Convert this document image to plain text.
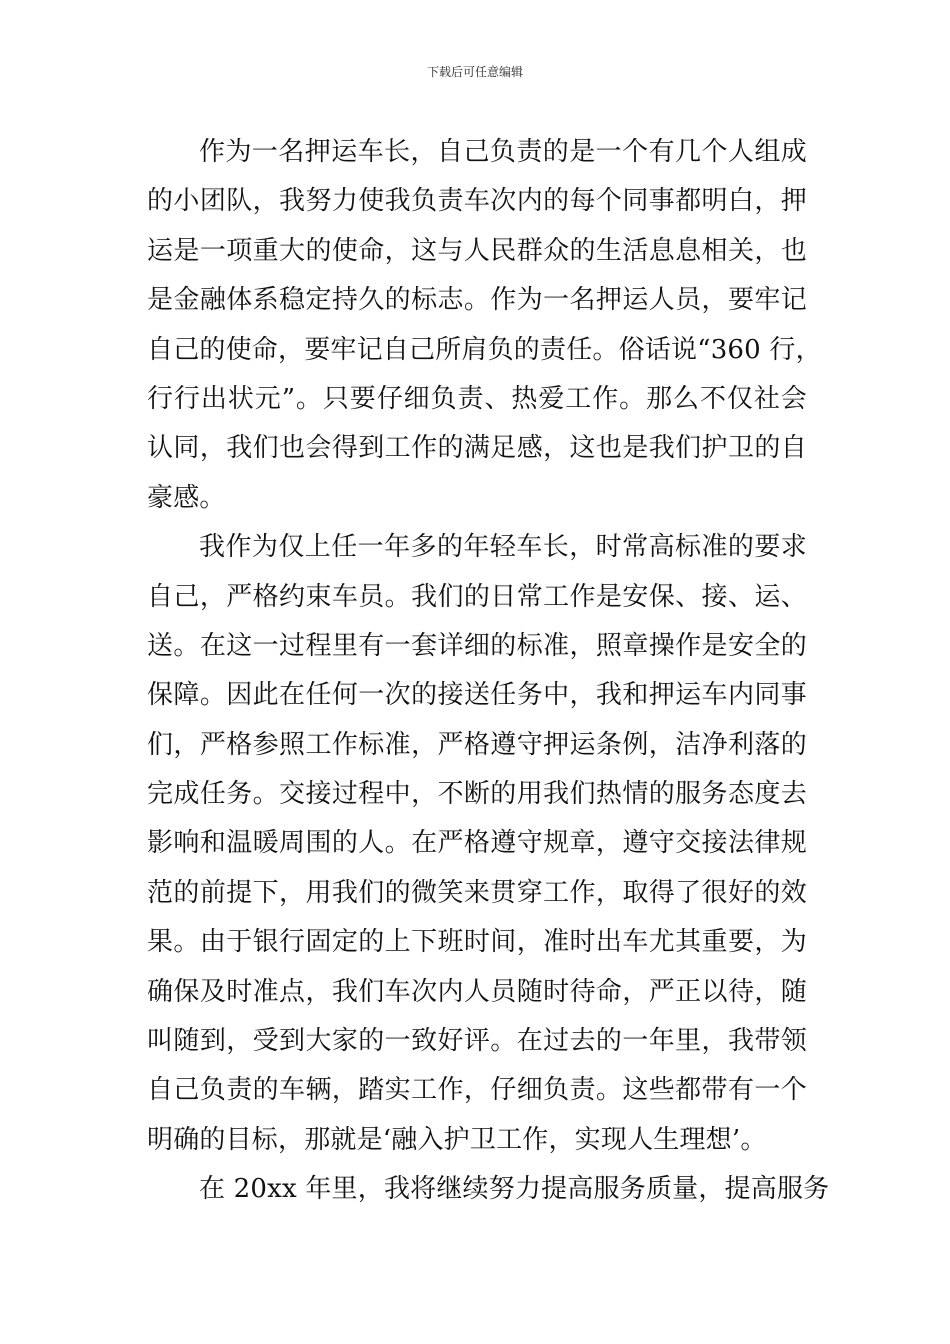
下载后可任意编辑
作为一名押运车长，自己负责的是一个有几个人组成
的小团队，我努力使我负责车次内的每个同事都明白，押
运是一项重大的使命，这与人民群众的生活息息相关，也
是金融体系稳定持久的标志。作为一名押运人员，要牢记
自己的使命，要牢记自己所肩负的责任。俗话说“360 行，
行行出状元”。只要仔细负责、热爱工作。那么不仅社会
认同，我们也会得到工作的满足感，这也是我们护卫的自
豪感。
我作为仅上任一年多的年轻车长，时常高标准的要求
自己，严格约束车员。我们的日常工作是安保、接、运、
送。在这一过程里有一套详细的标准，照章操作是安全的
保障。因此在任何一次的接送任务中，我和押运车内同事
们，严格参照工作标准，严格遵守押运条例，洁净利落的
完成任务。交接过程中，不断的用我们热情的服务态度去
影响和温暖周围的人。在严格遵守规章，遵守交接法律规
范的前提下，用我们的微笑来贯穿工作，取得了很好的效
果。由于银行固定的上下班时间，准时出车尤其重要，为
确保及时准点，我们车次内人员随时待命，严正以待，随
叫随到，受到大家的一致好评。在过去的一年里，我带领
自己负责的车辆，踏实工作，仔细负责。这些都带有一个
明确的目标，那就是‘融入护卫工作，实现人生理想’。
在 20xx 年里，我将继续努力提高服务质量，提高服务
